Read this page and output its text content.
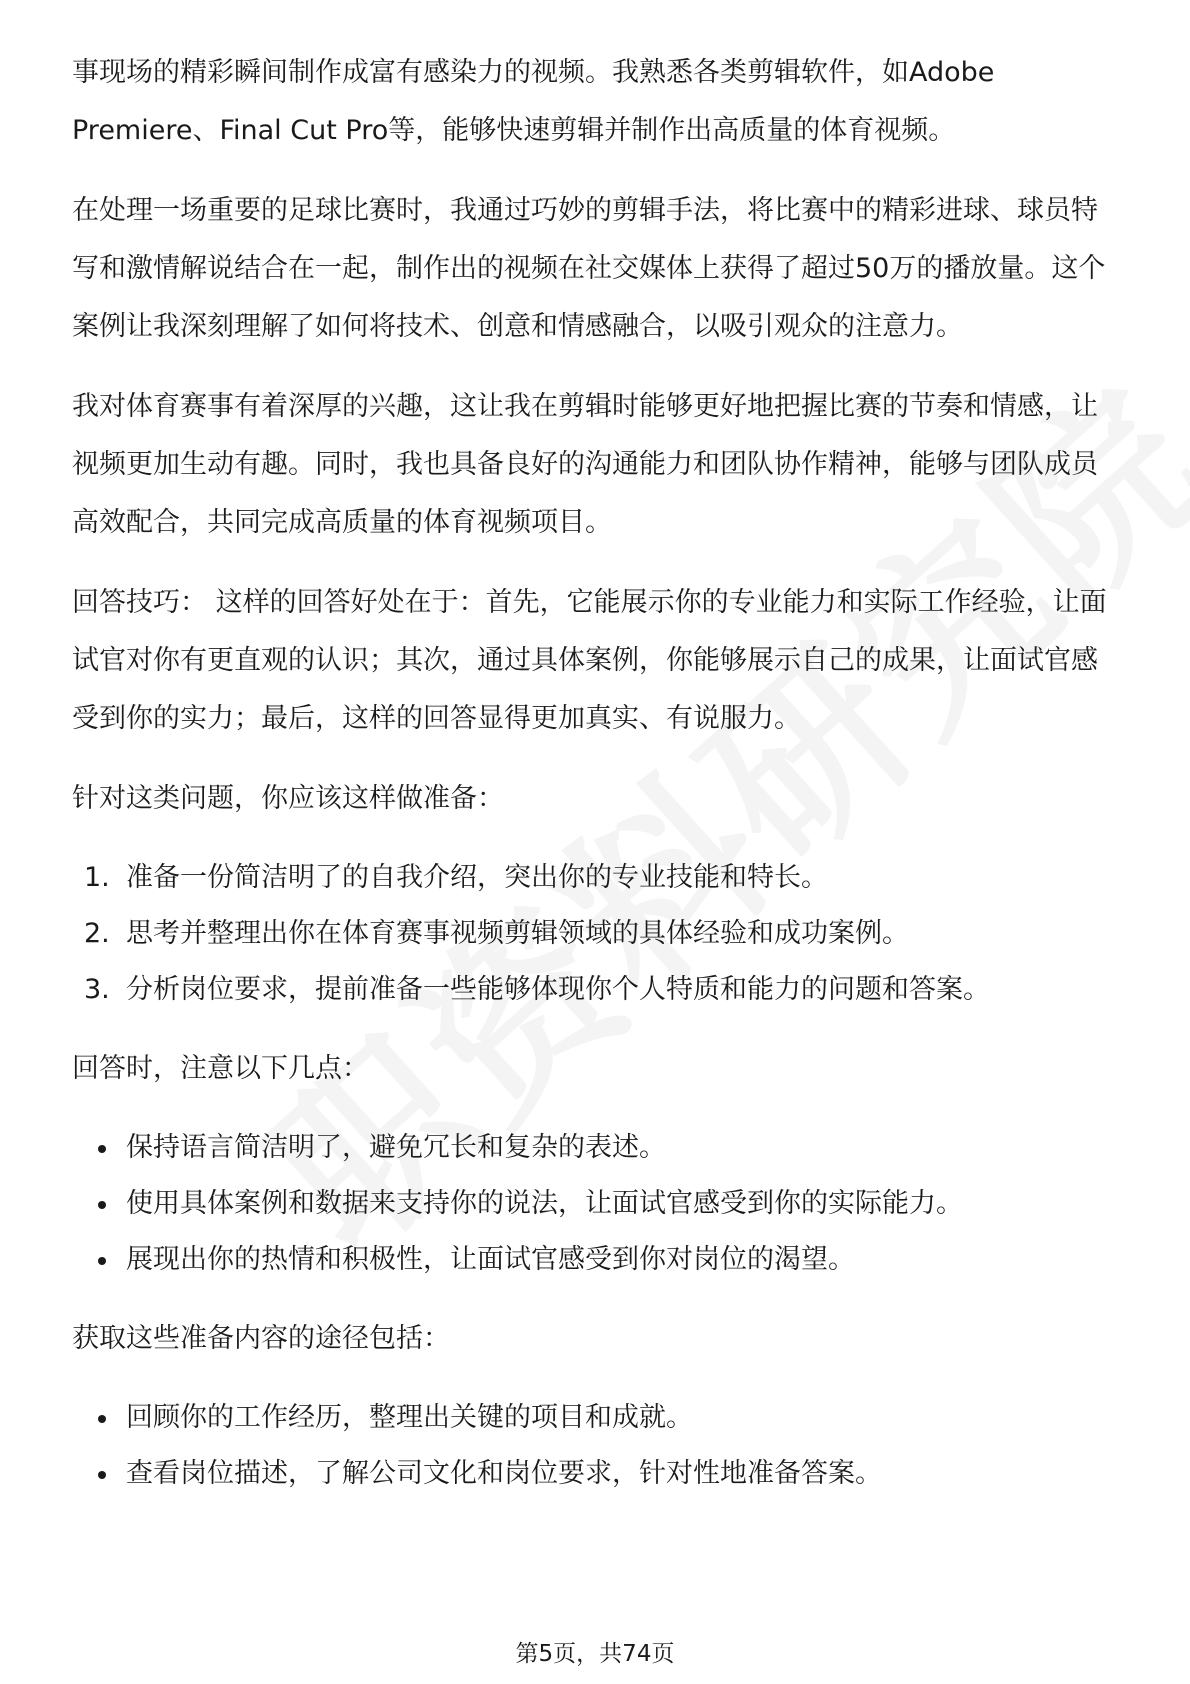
事现场的精彩瞬间制作成富有感染力的视频。我熟悉各类剪辑软件，如Adobe Premiere、Final Cut Pro等，能够快速剪辑并制作出高质量的体育视频。

在处理一场重要的足球比赛时，我通过巧妙的剪辑手法，将比赛中的精彩进球、球员特写和激情解说结合在一起，制作出的视频在社交媒体上获得了超过50万的播放量。这个案例让我深刻理解了如何将技术、创意和情感融合，以吸引观众的注意力。

我对体育赛事有着深厚的兴趣，这让我在剪辑时能够更好地把握比赛的节奏和情感，让视频更加生动有趣。同时，我也具备良好的沟通能力和团队协作精神，能够与团队成员高效配合，共同完成高质量的体育视频项目。

回答技巧： 这样的回答好处在于：首先，它能展示你的专业能力和实际工作经验，让面试官对你有更直观的认识；其次，通过具体案例，你能够展示自己的成果，让面试官感受到你的实力；最后，这样的回答显得更加真实、有说服力。

针对这类问题，你应该这样做准备：

1. 准备一份简洁明了的自我介绍，突出你的专业技能和特长。
2. 思考并整理出你在体育赛事视频剪辑领域的具体经验和成功案例。
3. 分析岗位要求，提前准备一些能够体现你个人特质和能力的问题和答案。

回答时，注意以下几点：

保持语言简洁明了，避免冗长和复杂的表述。
使用具体案例和数据来支持你的说法，让面试官感受到你的实际能力。
展现出你的热情和积极性，让面试官感受到你对岗位的渴望。

获取这些准备内容的途径包括：

回顾你的工作经历，整理出关键的项目和成就。
查看岗位描述，了解公司文化和岗位要求，针对性地准备答案。
第5页，共74页
